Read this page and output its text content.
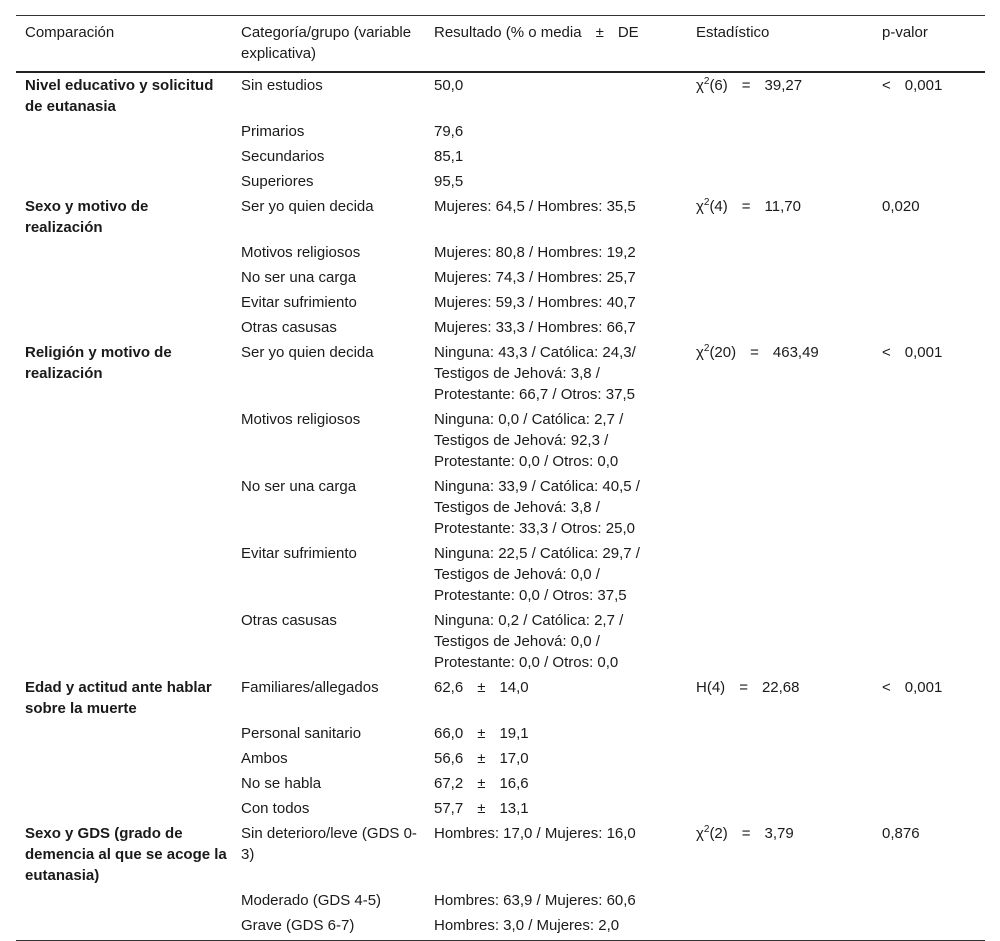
Comparación	Categoría/grupo (variable explicativa)	Resultado (% o media ± DE	Estadístico	p-valor
Nivel educativo y solicitud de eutanasia	Sin estudios	50,0	$\chi^2(6) = 39,27$	< 0,001
	Primarios	79,6		
	Secundarios	85,1		
	Superiores	95,5		
Sexo y motivo de realización	Ser yo quien decida	Mujeres: 64,5 / Hombres: 35,5	$\chi^2(4) = 11,70$	0,020
	Motivos religiosos	Mujeres: 80,8 / Hombres: 19,2		
	No ser una carga	Mujeres: 74,3 / Hombres: 25,7		
	Evitar sufrimiento	Mujeres: 59,3 / Hombres: 40,7		
	Otras casusas	Mujeres: 33,3 / Hombres: 66,7		
Religión y motivo de realización	Ser yo quien decida	Ninguna: 43,3 / Católica: 24,3/
Testigos de Jehová: 3,8 /
Protestante: 66,7 / Otros: 37,5	$\chi^2(20) = 463,49$	< 0,001
	Motivos religiosos	Ninguna: 0,0 / Católica: 2,7 /
Testigos de Jehová: 92,3 /
Protestante: 0,0 / Otros: 0,0		

	No ser una carga	Ninguna: 33,9 / Católica: 40,5 /
Testigos de Jehová: 3,8 /
Protestante: 33,3 / Otros: 25,0		

	Evitar sufrimiento	Ninguna: 22,5 / Católica: 29,7 /
Testigos de Jehová: 0,0 /
Protestante: 0,0 / Otros: 37,5		

	Otras casusas	Ninguna: 0,2 / Católica: 2,7 /
Testigos de Jehová: 0,0 /
Protestante: 0,0 / Otros: 0,0		

Edad y actitud ante hablar sobre la muerte	Familiares/allegados	62,6 ± 14,0	H(4) = 22,68	< 0,001
	Personal sanitario	66,0 ± 19,1		
	Ambos	56,6 ± 17,0		
	No se habla	67,2 ± 16,6		
	Con todos	57,7 ± 13,1		
Sexo y GDS (grado de demencia al que se acoge la eutanasia)	Sin deterioro/leve (GDS 0-3)	Hombres: 17,0 / Mujeres: 16,0	$\chi^2(2) = 3,79$	0,876
	Moderado (GDS 4-5)	Hombres: 63,9 / Mujeres: 60,6		
	Grave (GDS 6-7)	Hombres: 3,0 / Mujeres: 2,0		
